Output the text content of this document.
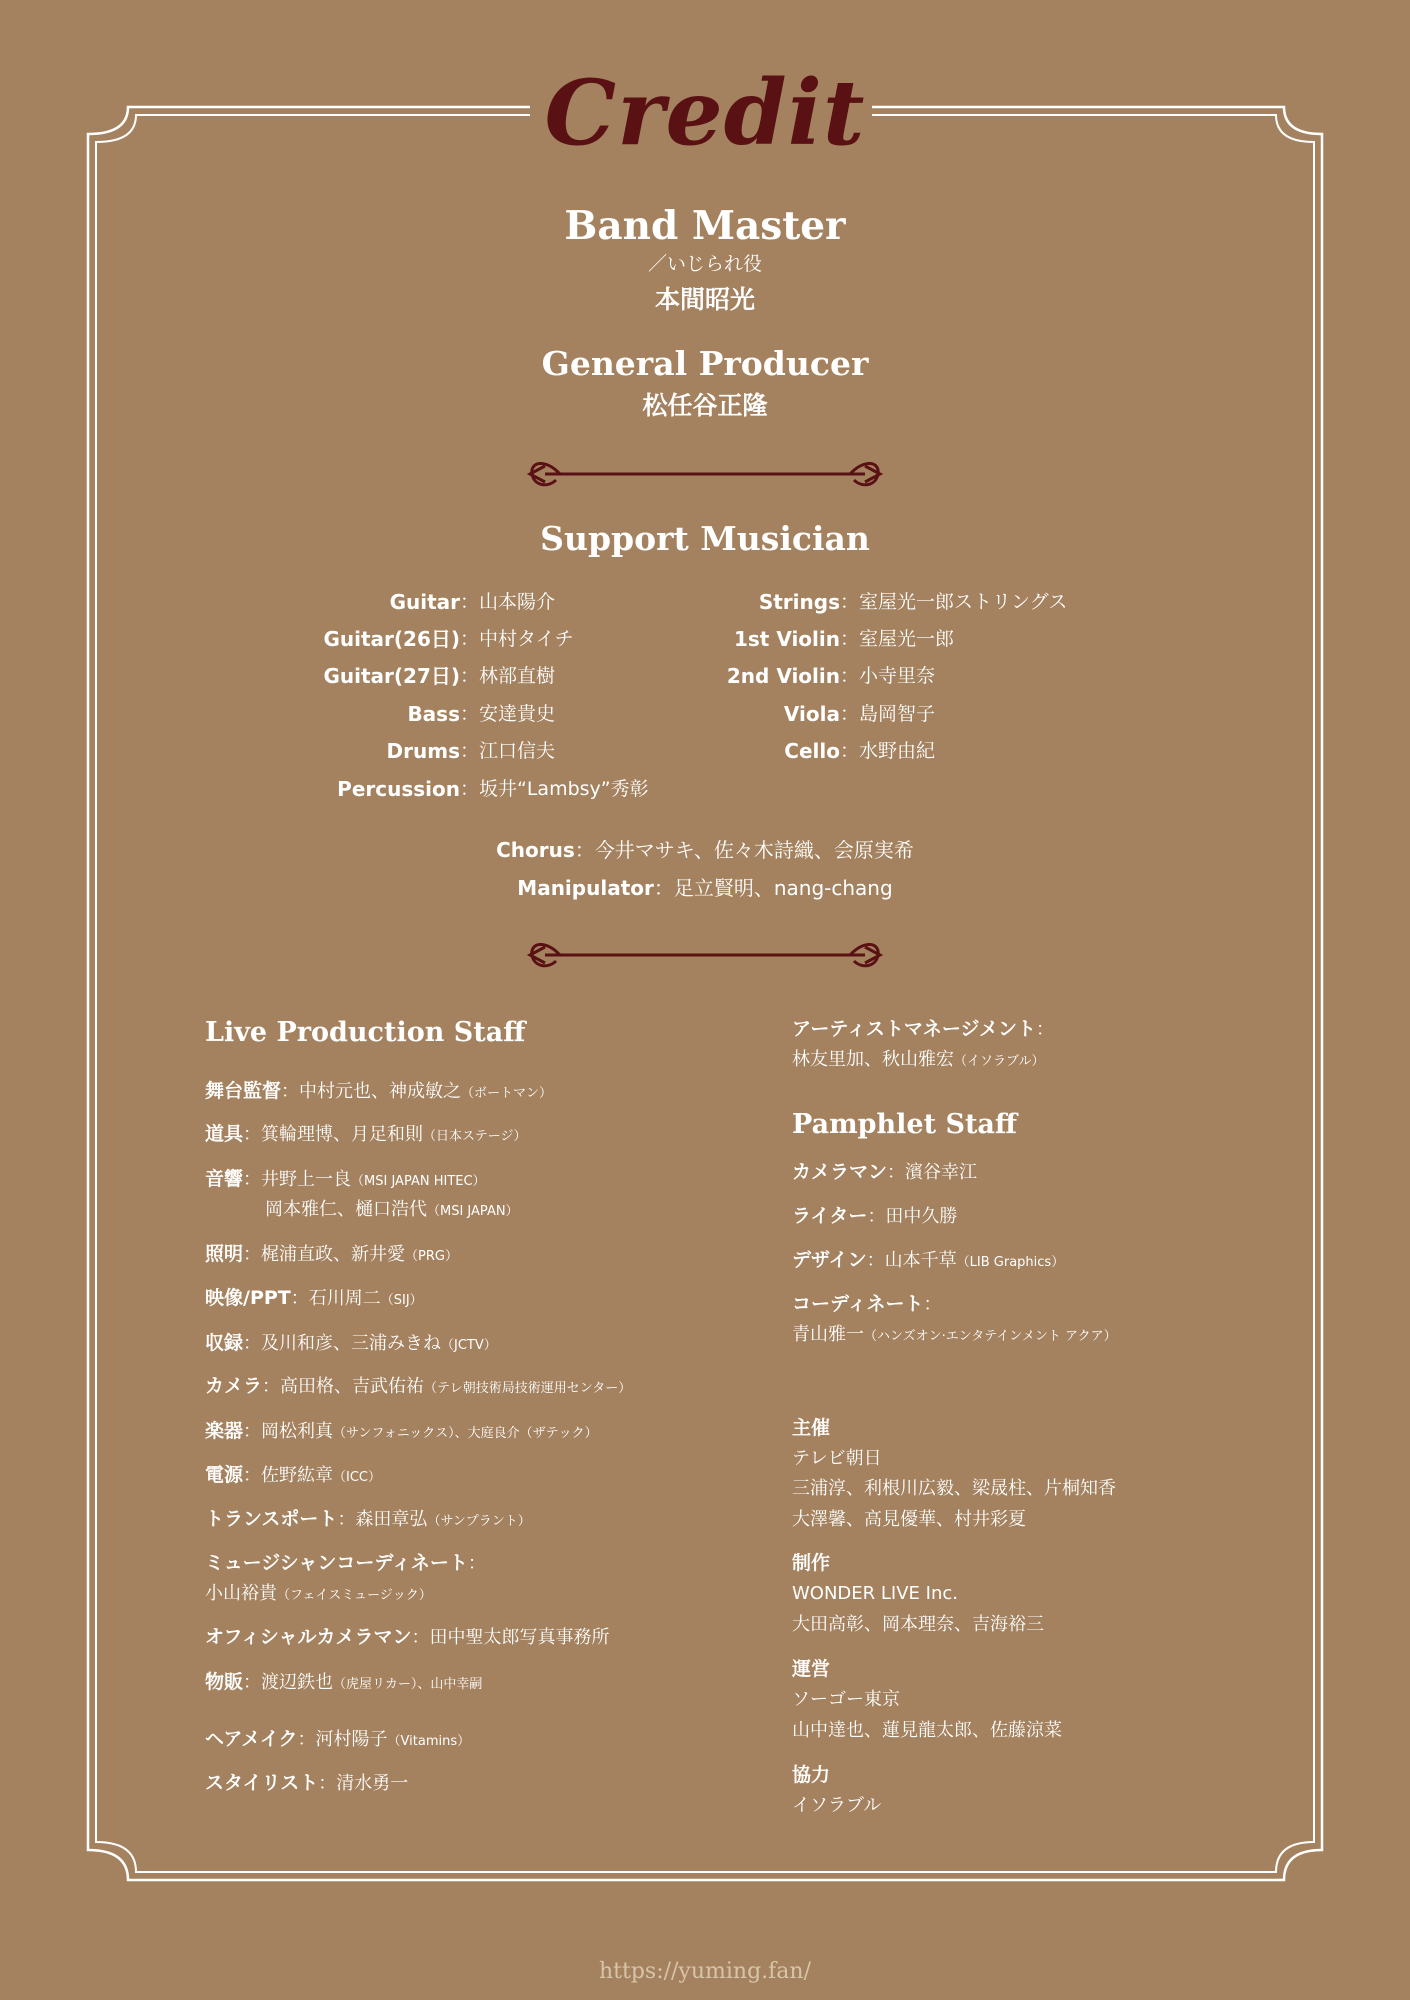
Credit
Band Master
／いじられ役
本間昭光
General Producer
松任谷正隆
Support Musician
Guitar ：山本陽介
Guitar(26日) ：中村タイチ
Guitar(27日) ：林部直樹
Bass ：安達貴史
Drums ：江口信夫
Percussion ：坂井“Lambsy”秀彰
Strings ：室屋光一郎ストリングス
1st Violin ：室屋光一郎
2nd Violin ：小寺里奈
Viola ：島岡智子
Cello ：水野由紀
Chorus：今井マサキ、佐々木詩織、会原実希
Manipulator：足立賢明、nang-chang
Live Production Staff
舞台監督：中村元也、神成敏之（ボートマン）
道具：箕輪理博、月足和則（日本ステージ）
音響：井野上一良（MSI JAPAN HITEC）
岡本雅仁、樋口浩代（MSI JAPAN）
照明：梶浦直政、新井愛（PRG）
映像/PPT：石川周二（SIJ）
収録：及川和彦、三浦みきね（JCTV）
カメラ：高田格、吉武佑祐（テレ朝技術局技術運用センター）
楽器：岡松利真（サンフォニックス）、大庭良介（ザテック）
電源：佐野紘章（ICC）
トランスポート：森田章弘（サンプラント）
ミュージシャンコーディネート：
小山裕貴（フェイスミュージック）
オフィシャルカメラマン：田中聖太郎写真事務所
物販：渡辺鉄也（虎屋リカー）、山中幸嗣
ヘアメイク：河村陽子（Vitamins）
スタイリスト：清水勇一
アーティストマネージメント：
林友里加、秋山雅宏（イソラブル）
Pamphlet Staff
カメラマン：濱谷幸江
ライター：田中久勝
デザイン：山本千草（LIB Graphics）
コーディネート：
青山雅一（ハンズオン·エンタテインメント アクア）
主催
テレビ朝日
三浦淳、利根川広毅、梁晟柱、片桐知香
大澤馨、高見優華、村井彩夏
制作
WONDER LIVE Inc.
大田高彰、岡本理奈、吉海裕三
運営
ソーゴー東京
山中達也、蓮見龍太郎、佐藤涼菜
協力
イソラブル
https://yuming.fan/
